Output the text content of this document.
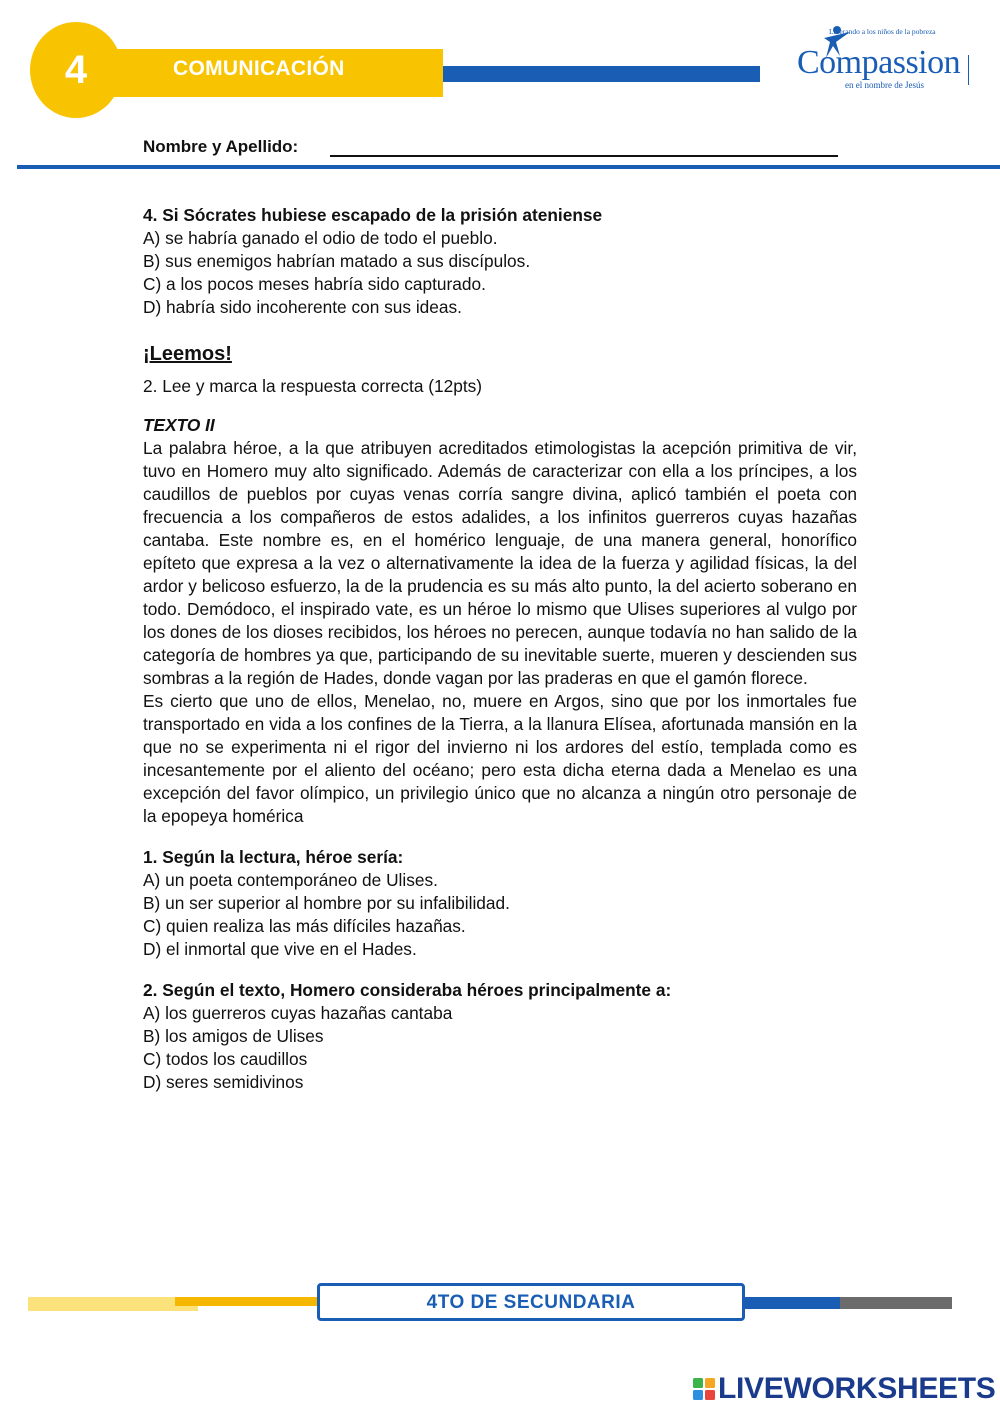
4	COMUNICACIÓN
Liberando a los niños de la pobreza
Compassion
en el nombre de Jesús
Nombre y Apellido:
4. Si Sócrates hubiese escapado de la prisión ateniense
A) se habría ganado el odio de todo el pueblo.
B) sus enemigos habrían matado a sus discípulos.
C) a los pocos meses habría sido capturado.
D) habría sido incoherente con sus ideas.
¡Leemos!
2. Lee y marca la respuesta correcta (12pts)
TEXTO II
La palabra héroe, a la que atribuyen acreditados etimologistas la acepción primitiva de vir, tuvo en Homero muy alto significado. Además de caracterizar con ella a los príncipes, a los caudillos de pueblos por cuyas venas corría sangre divina, aplicó también el poeta con frecuencia a los compañeros de estos adalides, a los infinitos guerreros cuyas hazañas cantaba. Este nombre es, en el homérico lenguaje, de una manera general, honorífico epíteto que expresa a la vez o alternativamente la idea de la fuerza y agilidad físicas, la del ardor y belicoso esfuerzo, la de la prudencia es su más alto punto, la del acierto soberano en todo. Demódoco, el inspirado vate, es un héroe lo mismo que Ulises superiores al vulgo por los dones de los dioses recibidos, los héroes no perecen, aunque todavía no han salido de la categoría de hombres ya que, participando de su inevitable suerte, mueren y descienden sus sombras a la región de Hades, donde vagan por las praderas en que el gamón florece.
Es cierto que uno de ellos, Menelao, no, muere en Argos, sino que por los inmortales fue transportado en vida a los confines de la Tierra, a la llanura Elísea, afortunada mansión en la que no se experimenta ni el rigor del invierno ni los ardores del estío, templada como es incesantemente por el aliento del océano; pero esta dicha eterna dada a Menelao es una excepción del favor olímpico, un privilegio único que no alcanza a ningún otro personaje de la epopeya homérica
1. Según la lectura, héroe sería:
A) un poeta contemporáneo de Ulises.
B) un ser superior al hombre por su infalibilidad.
C) quien realiza las más difíciles hazañas.
D) el inmortal que vive en el Hades.
2. Según el texto, Homero consideraba héroes principalmente a:
A) los guerreros cuyas hazañas cantaba
B) los amigos de Ulises
C) todos los caudillos
D) seres semidivinos
4TO DE SECUNDARIA
LIVEWORKSHEETS
